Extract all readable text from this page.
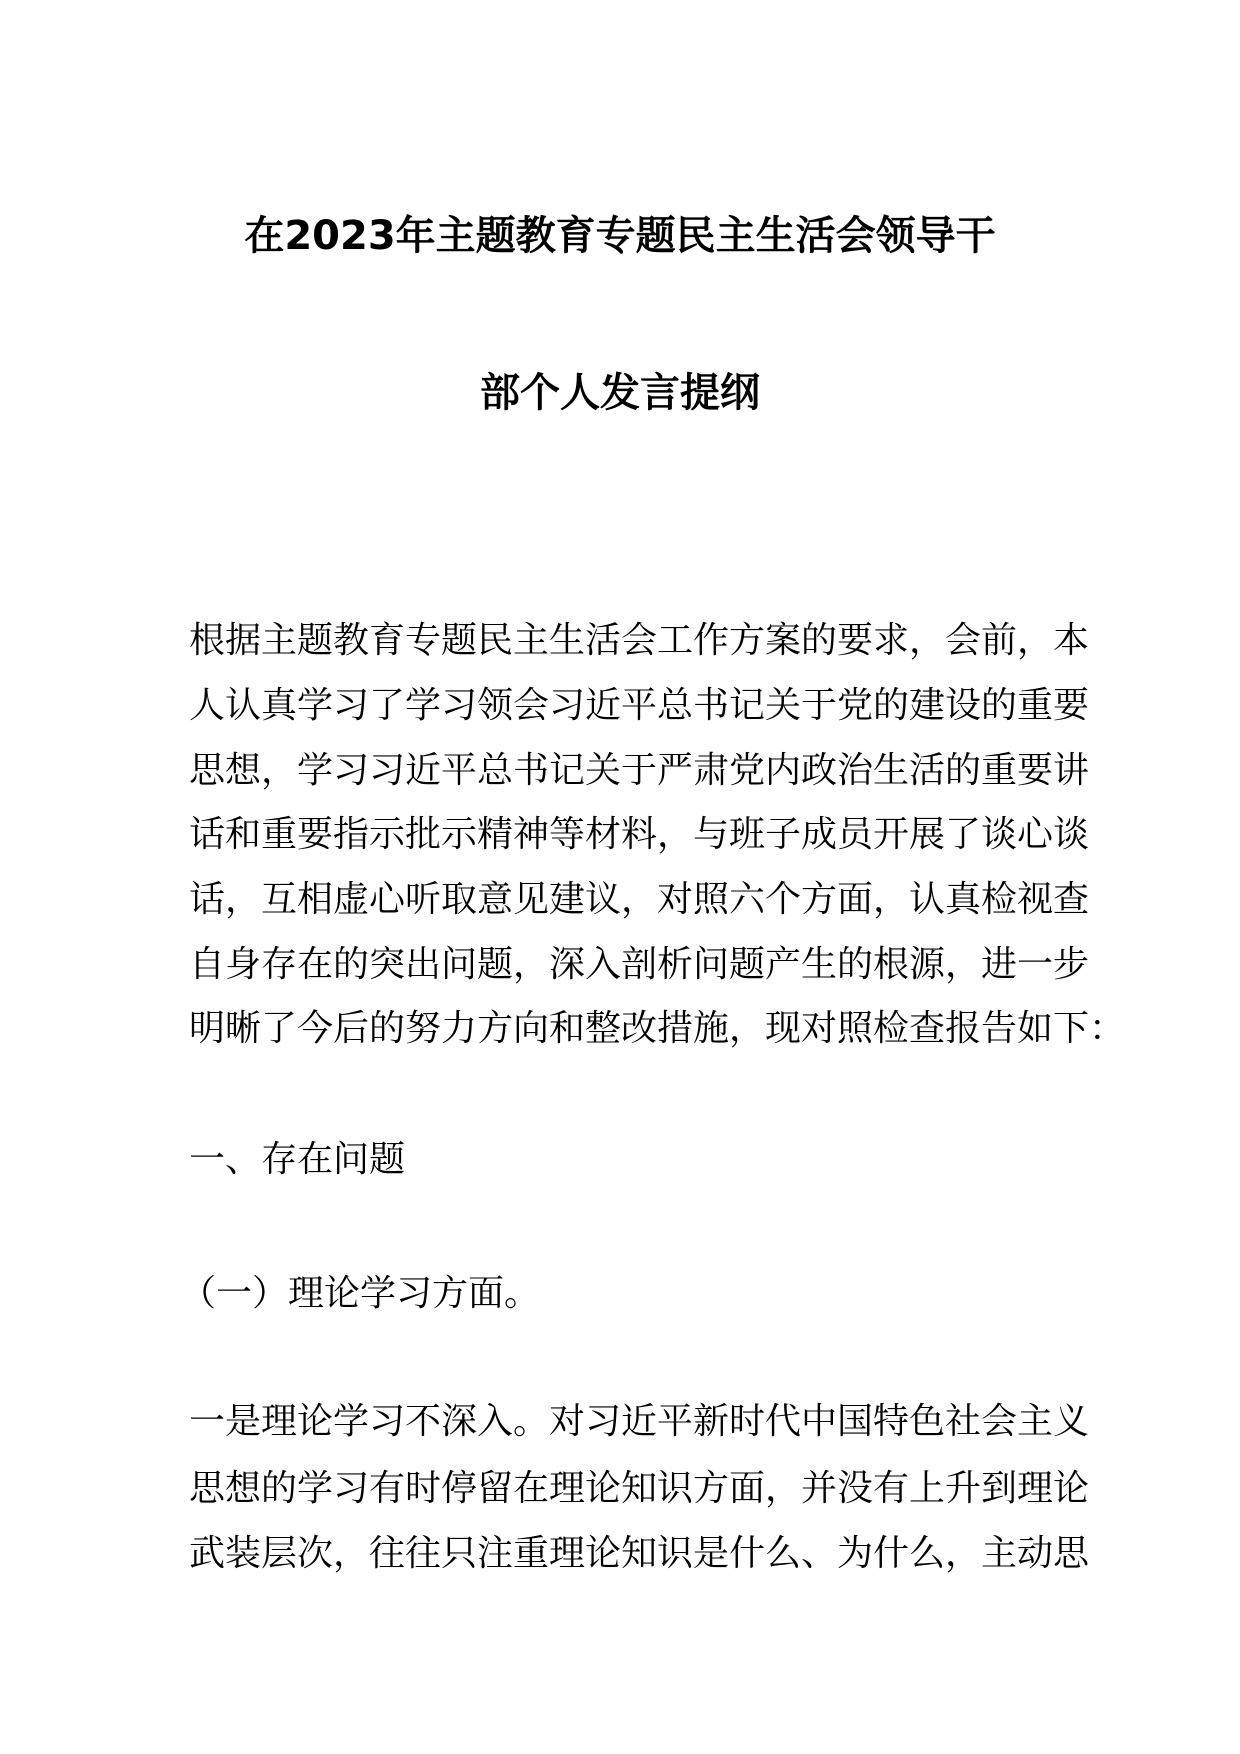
在2023年主题教育专题民主生活会领导干
部个人发言提纲
根据主题教育专题民主生活会工作方案的要求，会前，本
人认真学习了学习领会习近平总书记关于党的建设的重要
思想，学习习近平总书记关于严肃党内政治生活的重要讲
话和重要指示批示精神等材料，与班子成员开展了谈心谈
话，互相虚心听取意见建议，对照六个方面，认真检视查
自身存在的突出问题，深入剖析问题产生的根源，进一步
明晰了今后的努力方向和整改措施，现对照检查报告如下：
一、存在问题
（一）理论学习方面。
一是理论学习不深入。对习近平新时代中国特色社会主义
思想的学习有时停留在理论知识方面，并没有上升到理论
武装层次，往往只注重理论知识是什么、为什么，主动思
